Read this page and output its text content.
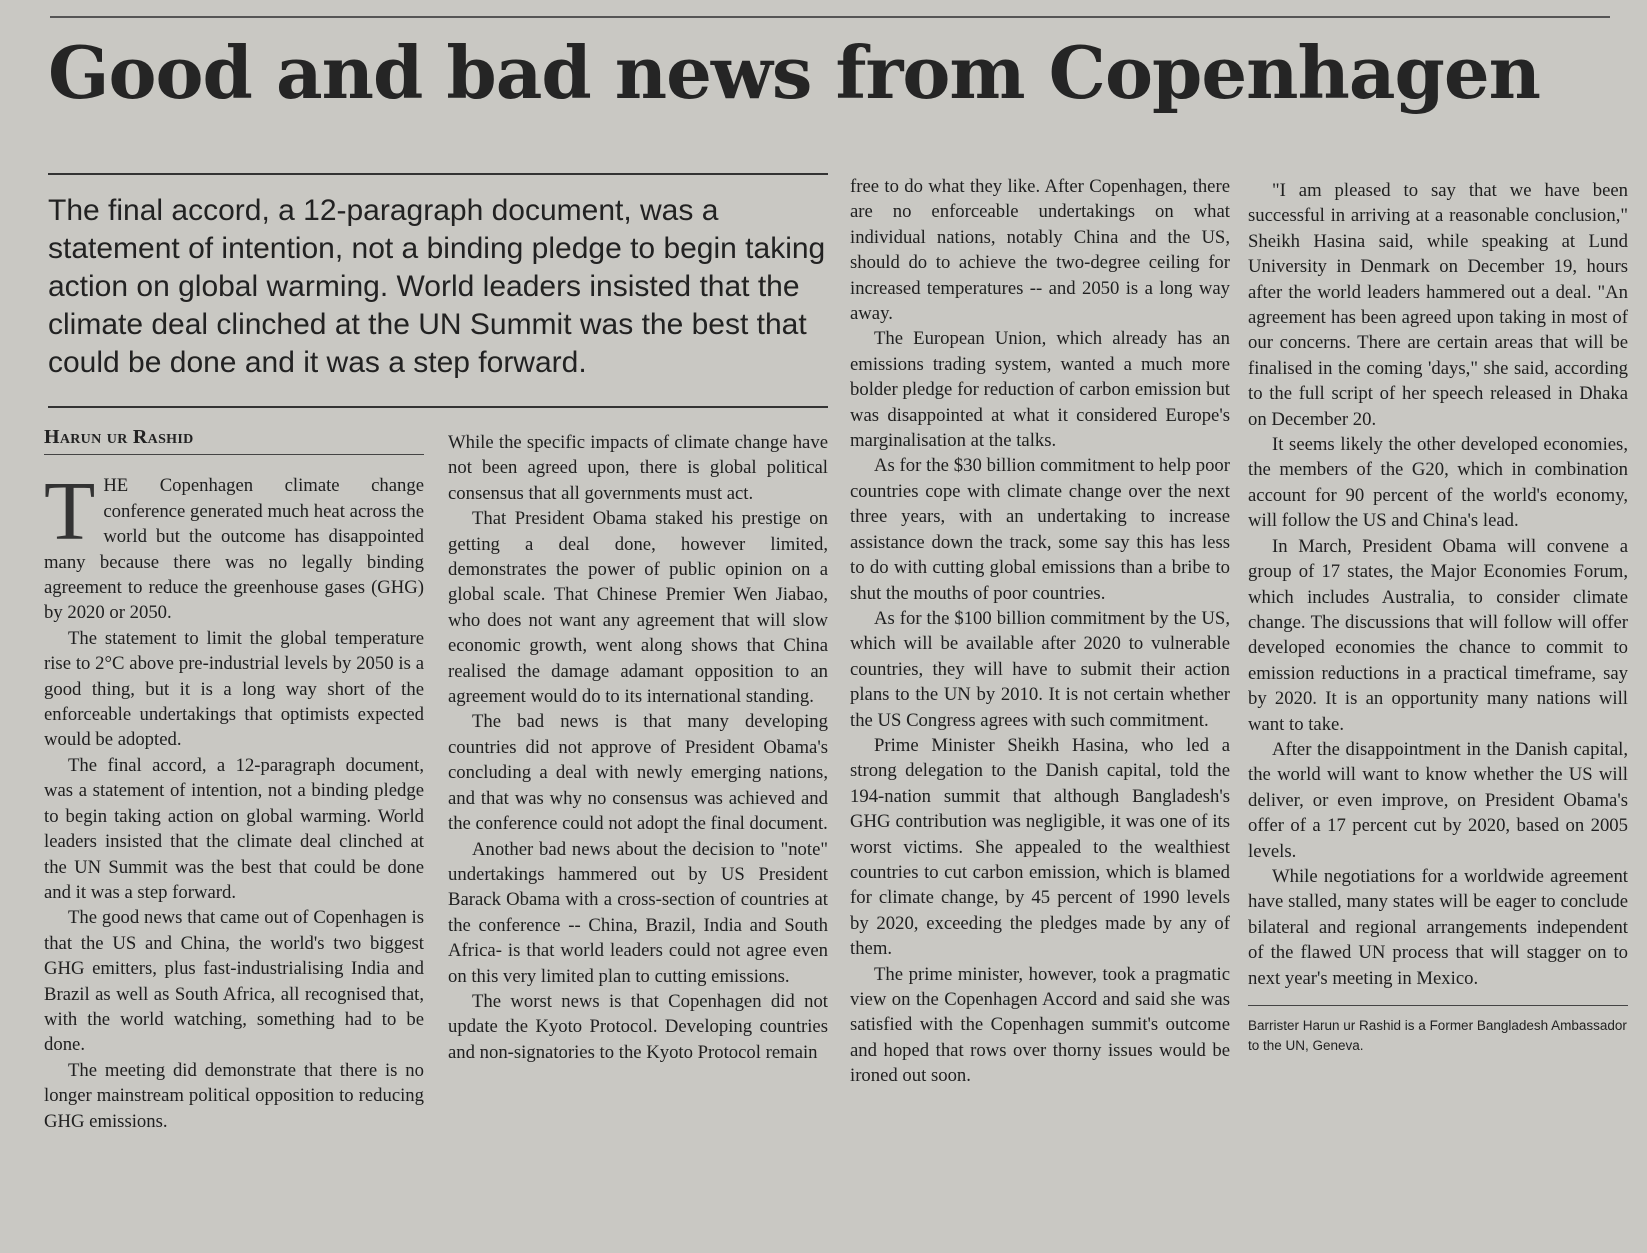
Good and bad news from Copenhagen

The final accord, a 12-paragraph document, was a statement of intention, not a binding pledge to begin taking action on global warming. World leaders insisted that the climate deal clinched at the UN Summit was the best that could be done and it was a step forward.

Harun ur Rashid

THE Copenhagen climate change conference generated much heat across the world but the outcome has disappointed many because there was no legally binding agreement to reduce the greenhouse gases (GHG) by 2020 or 2050.

The statement to limit the global temperature rise to 2°C above pre-industrial levels by 2050 is a good thing, but it is a long way short of the enforceable undertakings that optimists expected would be adopted.

The final accord, a 12-paragraph document, was a statement of intention, not a binding pledge to begin taking action on global warming. World leaders insisted that the climate deal clinched at the UN Summit was the best that could be done and it was a step forward.

The good news that came out of Copenhagen is that the US and China, the world's two biggest GHG emitters, plus fast-industrialising India and Brazil as well as South Africa, all recognised that, with the world watching, something had to be done.

The meeting did demonstrate that there is no longer mainstream political opposition to reducing GHG emissions.

While the specific impacts of climate change have not been agreed upon, there is global political consensus that all governments must act.

That President Obama staked his prestige on getting a deal done, however limited, demonstrates the power of public opinion on a global scale. That Chinese Premier Wen Jiabao, who does not want any agreement that will slow economic growth, went along shows that China realised the damage adamant opposition to an agreement would do to its international standing.

The bad news is that many developing countries did not approve of President Obama's concluding a deal with newly emerging nations, and that was why no consensus was achieved and the conference could not adopt the final document.

Another bad news about the decision to "note" undertakings hammered out by US President Barack Obama with a cross-section of countries at the conference -- China, Brazil, India and South Africa- is that world leaders could not agree even on this very limited plan to cutting emissions.

The worst news is that Copenhagen did not update the Kyoto Protocol. Developing countries and non-signatories to the Kyoto Protocol remain

free to do what they like. After Copenhagen, there are no enforceable undertakings on what individual nations, notably China and the US, should do to achieve the two-degree ceiling for increased temperatures -- and 2050 is a long way away.

The European Union, which already has an emissions trading system, wanted a much more bolder pledge for reduction of carbon emission but was disappointed at what it considered Europe's marginalisation at the talks.

As for the $30 billion commitment to help poor countries cope with climate change over the next three years, with an undertaking to increase assistance down the track, some say this has less to do with cutting global emissions than a bribe to shut the mouths of poor countries.

As for the $100 billion commitment by the US, which will be available after 2020 to vulnerable countries, they will have to submit their action plans to the UN by 2010. It is not certain whether the US Congress agrees with such commitment.

Prime Minister Sheikh Hasina, who led a strong delegation to the Danish capital, told the 194-nation summit that although Bangladesh's GHG contribution was negligible, it was one of its worst victims. She appealed to the wealthiest countries to cut carbon emission, which is blamed for climate change, by 45 percent of 1990 levels by 2020, exceeding the pledges made by any of them.

The prime minister, however, took a pragmatic view on the Copenhagen Accord and said she was satisfied with the Copenhagen summit's outcome and hoped that rows over thorny issues would be ironed out soon.

"I am pleased to say that we have been successful in arriving at a reasonable conclusion," Sheikh Hasina said, while speaking at Lund University in Denmark on December 19, hours after the world leaders hammered out a deal. "An agreement has been agreed upon taking in most of our concerns. There are certain areas that will be finalised in the coming 'days," she said, according to the full script of her speech released in Dhaka on December 20.

It seems likely the other developed economies, the members of the G20, which in combination account for 90 percent of the world's economy, will follow the US and China's lead.

In March, President Obama will convene a group of 17 states, the Major Economies Forum, which includes Australia, to consider climate change. The discussions that will follow will offer developed economies the chance to commit to emission reductions in a practical timeframe, say by 2020. It is an opportunity many nations will want to take.

After the disappointment in the Danish capital, the world will want to know whether the US will deliver, or even improve, on President Obama's offer of a 17 percent cut by 2020, based on 2005 levels.

While negotiations for a worldwide agreement have stalled, many states will be eager to conclude bilateral and regional arrangements independent of the flawed UN process that will stagger on to next year's meeting in Mexico.

Barrister Harun ur Rashid is a Former Bangladesh Ambassador to the UN, Geneva.
